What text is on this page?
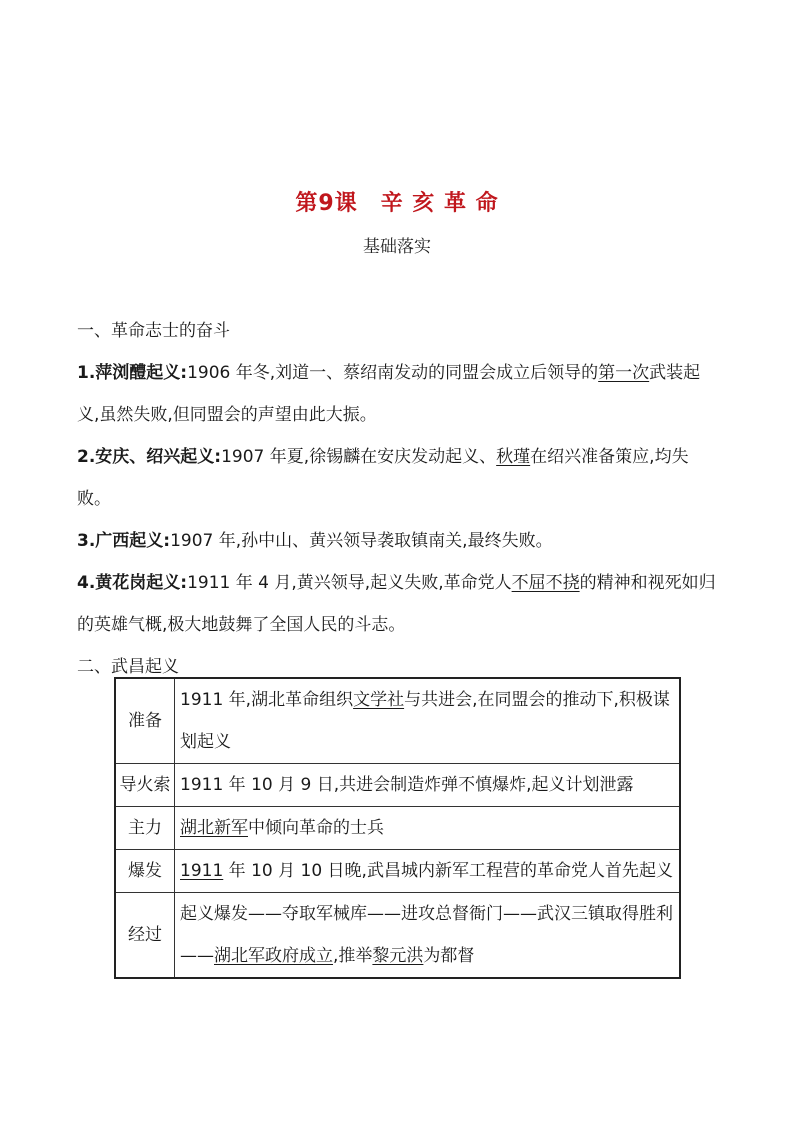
第9课　辛 亥 革 命
基础落实

一、革命志士的奋斗

1.萍浏醴起义:1906 年冬,刘道一、蔡绍南发动的同盟会成立后领导的第一次武装起义,虽然失败,但同盟会的声望由此大振。

2.安庆、绍兴起义:1907 年夏,徐锡麟在安庆发动起义、秋瑾在绍兴准备策应,均失败。

3.广西起义:1907 年,孙中山、黄兴领导袭取镇南关,最终失败。

4.黄花岗起义:1911 年 4 月,黄兴领导,起义失败,革命党人不屈不挠的精神和视死如归的英雄气概,极大地鼓舞了全国人民的斗志。

二、武昌起义

准备	1911 年,湖北革命组织文学社与共进会,在同盟会的推动下,积极谋划起义
导火索	1911 年 10 月 9 日,共进会制造炸弹不慎爆炸,起义计划泄露
主力	湖北新军中倾向革命的士兵
爆发	1911 年 10 月 10 日晚,武昌城内新军工程营的革命党人首先起义
经过	起义爆发——夺取军械库——进攻总督衙门——武汉三镇取得胜利——湖北军政府成立,推举黎元洪为都督
